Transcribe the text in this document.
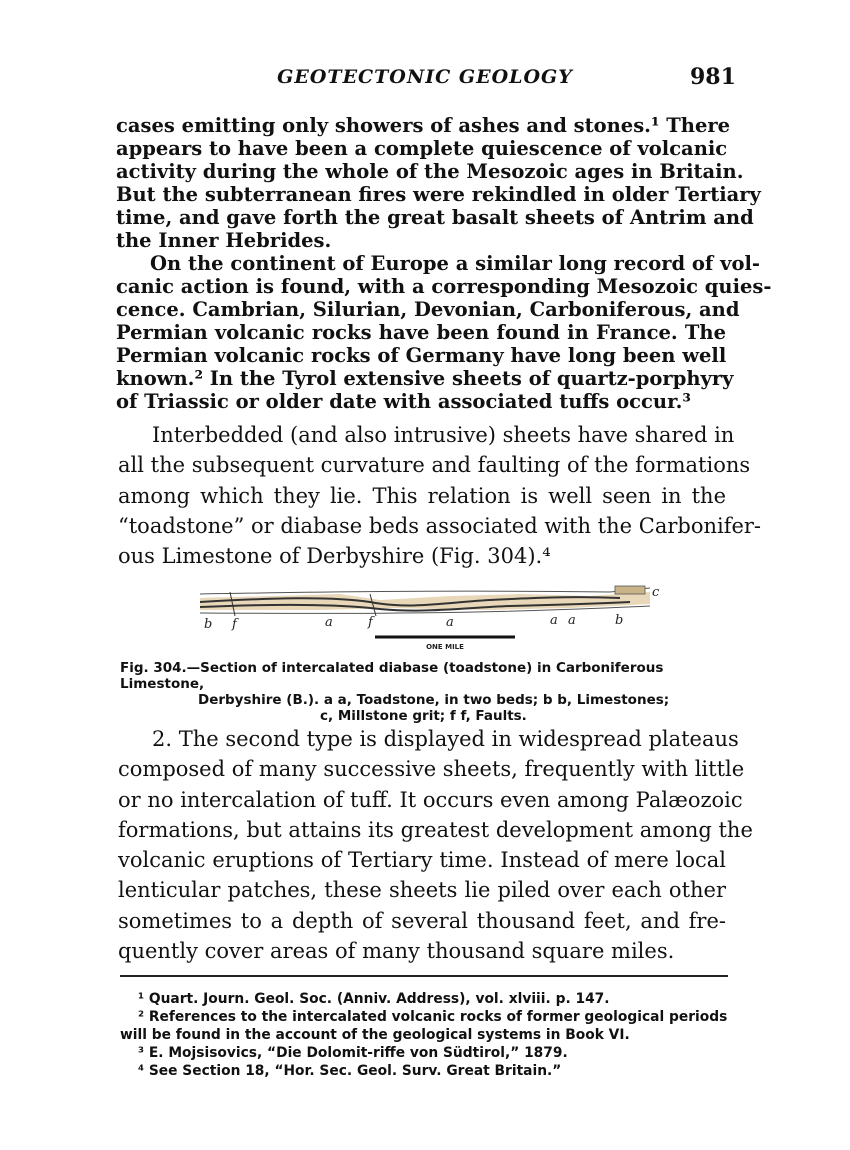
GEOTECTONIC GEOLOGY	981
cases emitting only showers of ashes and stones.¹ There
appears to have been a complete quiescence of volcanic
activity during the whole of the Mesozoic ages in Britain.
But the subterranean fires were rekindled in older Tertiary
time, and gave forth the great basalt sheets of Antrim and
the Inner Hebrides.
On the continent of Europe a similar long record of vol-
canic action is found, with a corresponding Mesozoic quies-
cence. Cambrian, Silurian, Devonian, Carboniferous, and
Permian volcanic rocks have been found in France. The
Permian volcanic rocks of Germany have long been well
known.² In the Tyrol extensive sheets of quartz-porphyry
of Triassic or older date with associated tuffs occur.³
Interbedded (and also intrusive) sheets have shared in
all the subsequent curvature and faulting of the formations
among which they lie. This relation is well seen in the
“toadstone” or diabase beds associated with the Carbonifer-
ous Limestone of Derbyshire (Fig. 304).⁴
b f	a	f	a	a a	b
c
ONE MILE
Fig. 304.—Section of intercalated diabase (toadstone) in Carboniferous Limestone,
Derbyshire (B.). a a, Toadstone, in two beds; b b, Limestones;
c, Millstone grit; f f, Faults.
2. The second type is displayed in widespread plateaus
composed of many successive sheets, frequently with little
or no intercalation of tuff. It occurs even among Palæozoic
formations, but attains its greatest development among the
volcanic eruptions of Tertiary time. Instead of mere local
lenticular patches, these sheets lie piled over each other
sometimes to a depth of several thousand feet, and fre-
quently cover areas of many thousand square miles.
¹ Quart. Journ. Geol. Soc. (Anniv. Address), vol. xlviii. p. 147.
² References to the intercalated volcanic rocks of former geological periods
will be found in the account of the geological systems in Book VI.
³ E. Mojsisovics, “Die Dolomit-riffe von Südtirol,” 1879.
⁴ See Section 18, “Hor. Sec. Geol. Surv. Great Britain.”
